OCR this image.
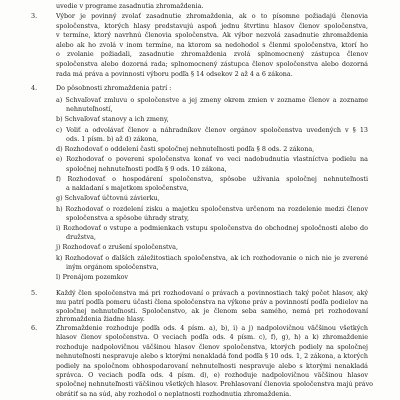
uvedie v programe zasadnutia zhromaždenia.
3.	Výbor je povinný zvolať zasadnutie zhromaždenia, ak o to písomne požiadajú členovia
spoločenstva, ktorých hlasy predstavujú aspoň jednu štvrtinu hlasov členov spoločenstva,
v termíne, ktorý navrhnú členovia spoločenstva. Ak výbor nezvolá zasadnutie zhromaždenia
alebo ak ho zvolá v inom termíne, na ktorom sa nedohodol s členmi spoločenstva, ktorí ho
o zvolanie požiadali, zasadnutie zhromaždenia zvolá splnomocnený zástupca členov
spoločenstva alebo dozorná rada; splnomocnený zástupca členov spoločenstva alebo dozorná
rada má práva a povinnosti výboru podľa § 14 odsekov 2 až 4 a 6 zákona.
4.	Do pôsobnosti zhromaždenia patrí :
a) Schvaľovať zmluvu o spoločenstve a jej zmeny okrem zmien v zozname členov a zozname
nehnuteľností,
b) Schvaľovať stanovy a ich zmeny,
c) Voliť a odvolávať členov a náhradníkov členov orgánov spoločenstva uvedených v § 13
ods. 1 písm. b) až d) zákona,
d) Rozhodovať o oddelení časti spoločnej nehnuteľnosti podľa § 8 ods. 2 zákona,
e) Rozhodovať o povereni spoločenstva konať vo veci nadobudnutia vlastníctva podielu na
spoločnej nehnuteľnosti podľa § 9 ods. 10 zákona,
f) Rozhodovať o hospodárení spoločenstva, spôsobe užívania spoločnej nehnuteľnosti
a nakladaní s majetkom spoločenstva,
g) Schvaľovať účtovnú závierku,
h) Rozhodovať o rozdelení zisku a majetku spoločenstva určenom na rozdelenie medzi členov
spoločenstva a spôsobe úhrady straty,
i) Rozhodovať o vstupe a podmienkach vstupu spoločenstva do obchodnej spoločnosti alebo do
družstva,
j) Rozhodovať o zrušení spoločenstva,
k) Rozhodovať o ďalších záležitostiach spoločenstva, ak ich rozhodovanie o nich nie je zverené
iným orgánom spoločenstva,
l) Prenájom pozemkov
5.	Každý člen spoločenstva má pri rozhodovaní o právach a povinnostiach taký počet hlasov, aký
mu patrí podľa pomeru účasti člena spoločenstva na výkone práv a povinností podľa podielov na
spoločnej nehnuteľnosti. Spoločenstvo, ak je členom seba samého, nemá pri rozhodovaní
zhromaždenia žiadne hlasy.
6.	Zhromaždenie rozhoduje podľa ods. 4 písm. a), b), i) a j) nadpolovičnou väčšinou všetkých
hlasov členov spoločenstva. O veciach podľa ods. 4 písm. c), f), g), h) a k) zhromaždenie
rozhoduje nadpolovičnou väčšinou hlasov členov spoločenstva, ktorých podiely na spoločnej
nehnuteľnosti nespravuje alebo s ktorými nenakladá fond podľa § 10 ods. 1, 2 zákona, a ktorých
podiely na spoločnom obhospodarovaní nehnuteľnosti nespravuje alebo s ktorými nenakladá
správca. O veciach podľa ods. 4 písm. d), e) rozhoduje nadpolovičnou väčšinou hlasov
spoločnej nehnuteľnosti väčšinou všetkých hlasov. Prehlasovaní členovia spoločenstva majú právo
obrátiť sa na súd, aby rozhodol o neplatnosti rozhodnutia zhromaždenia.
